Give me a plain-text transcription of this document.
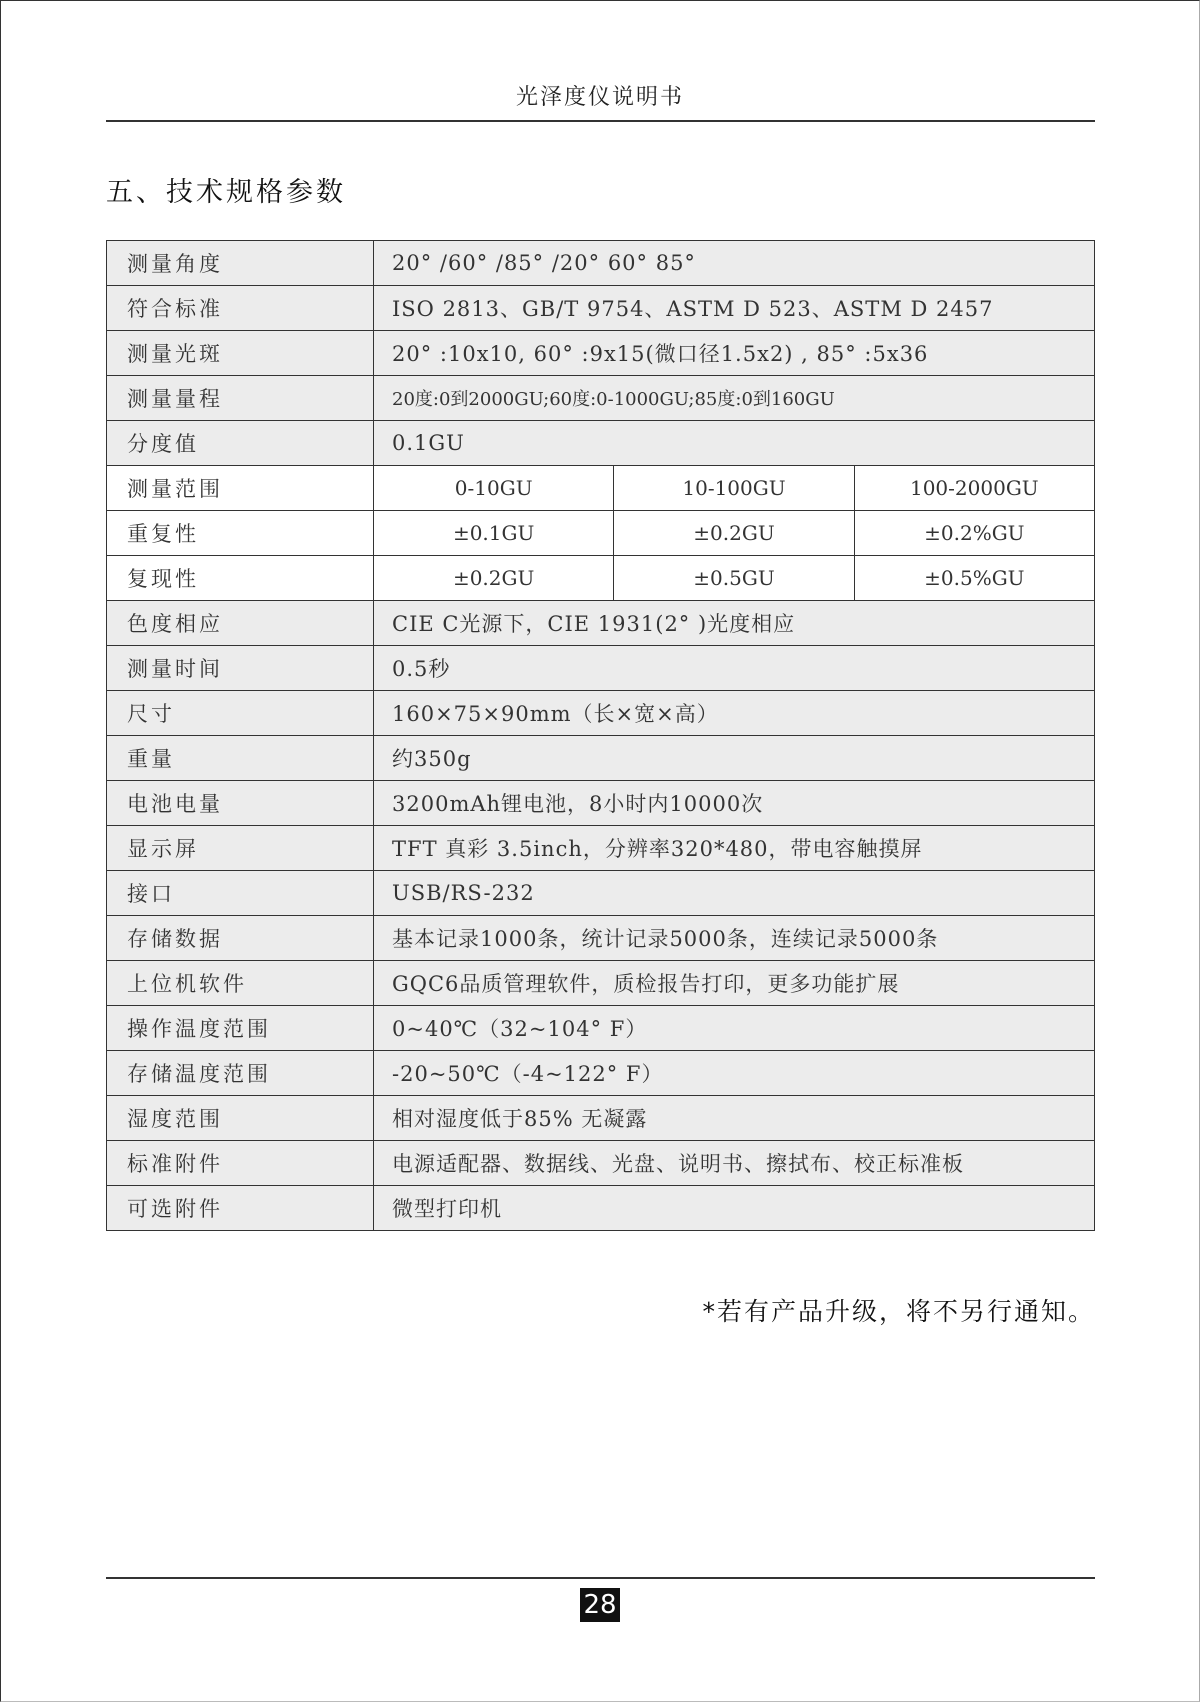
光泽度仪说明书
五、技术规格参数
测量角度	20° /60° /85° /20° 60° 85°		
符合标准	ISO 2813、GB/T 9754、ASTM D 523、ASTM D 2457		
测量光斑	20° :10x10, 60° :9x15(微口径1.5x2) , 85° :5x36		
测量量程	20度:0到2000GU;60度:0-1000GU;85度:0到160GU		
分度值	0.1GU		
测量范围	0-10GU	10-100GU	100-2000GU
重复性	±0.1GU	±0.2GU	±0.2%GU
复现性	±0.2GU	±0.5GU	±0.5%GU
色度相应	CIE C光源下，CIE 1931(2° )光度相应		
测量时间	0.5秒		
尺寸	160×75×90mm（长×宽×高）		
重量	约350g		
电池电量	3200mAh锂电池，8小时内10000次		
显示屏	TFT 真彩 3.5inch，分辨率320*480，带电容触摸屏		
接口	USB/RS-232		
存储数据	基本记录1000条，统计记录5000条，连续记录5000条		
上位机软件	GQC6品质管理软件，质检报告打印，更多功能扩展		
操作温度范围	0~40℃（32~104° F）		
存储温度范围	-20~50℃（-4~122° F）		
湿度范围	相对湿度低于85% 无凝露		
标准附件	电源适配器、数据线、光盘、说明书、擦拭布、校正标准板		
可选附件	微型打印机		
*若有产品升级，将不另行通知。
28
